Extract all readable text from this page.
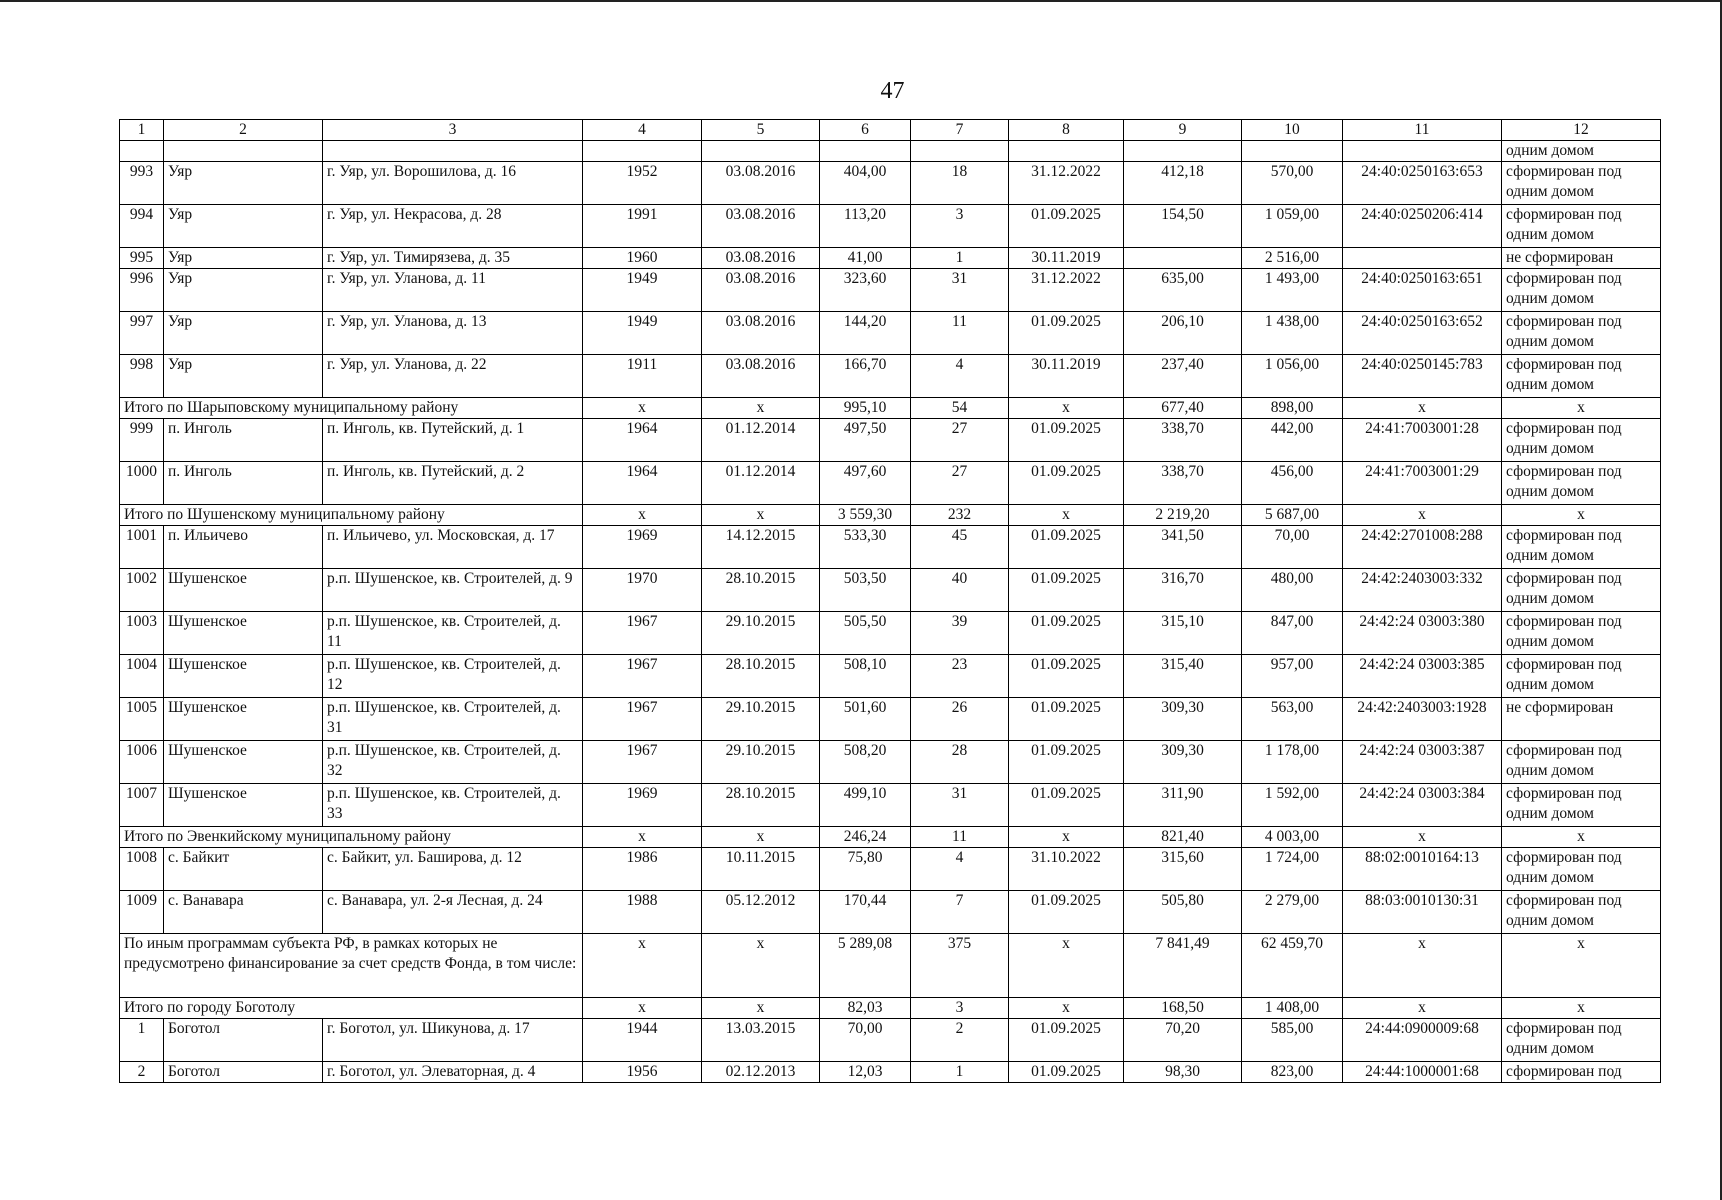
47
1	2	3	4	5	6	7	8	9	10	11	12
											одним домом
993	Уяр	г. Уяр, ул. Ворошилова, д. 16	1952	03.08.2016	404,00	18	31.12.2022	412,18	570,00	24:40:0250163:653	сформирован под одним домом
994	Уяр	г. Уяр, ул. Некрасова, д. 28	1991	03.08.2016	113,20	3	01.09.2025	154,50	1 059,00	24:40:0250206:414	сформирован под одним домом
995	Уяр	г. Уяр, ул. Тимирязева, д. 35	1960	03.08.2016	41,00	1	30.11.2019		2 516,00		не сформирован
996	Уяр	г. Уяр, ул. Уланова, д. 11	1949	03.08.2016	323,60	31	31.12.2022	635,00	1 493,00	24:40:0250163:651	сформирован под одним домом
997	Уяр	г. Уяр, ул. Уланова, д. 13	1949	03.08.2016	144,20	11	01.09.2025	206,10	1 438,00	24:40:0250163:652	сформирован под одним домом
998	Уяр	г. Уяр, ул. Уланова, д. 22	1911	03.08.2016	166,70	4	30.11.2019	237,40	1 056,00	24:40:0250145:783	сформирован под одним домом
Итого по Шарыповскому муниципальному району			х	х	995,10	54	х	677,40	898,00	х	х
999	п. Инголь	п. Инголь, кв. Путейский, д. 1	1964	01.12.2014	497,50	27	01.09.2025	338,70	442,00	24:41:7003001:28	сформирован под одним домом
1000	п. Инголь	п. Инголь, кв. Путейский, д. 2	1964	01.12.2014	497,60	27	01.09.2025	338,70	456,00	24:41:7003001:29	сформирован под одним домом
Итого по Шушенскому муниципальному району			х	х	3 559,30	232	х	2 219,20	5 687,00	х	х
1001	п. Ильичево	п. Ильичево, ул. Московская, д. 17	1969	14.12.2015	533,30	45	01.09.2025	341,50	70,00	24:42:2701008:288	сформирован под одним домом
1002	Шушенское	р.п. Шушенское, кв. Строителей, д. 9	1970	28.10.2015	503,50	40	01.09.2025	316,70	480,00	24:42:2403003:332	сформирован под одним домом
1003	Шушенское	р.п. Шушенское, кв. Строителей, д. 11	1967	29.10.2015	505,50	39	01.09.2025	315,10	847,00	24:42:24 03003:380	сформирован под одним домом
1004	Шушенское	р.п. Шушенское, кв. Строителей, д. 12	1967	28.10.2015	508,10	23	01.09.2025	315,40	957,00	24:42:24 03003:385	сформирован под одним домом
1005	Шушенское	р.п. Шушенское, кв. Строителей, д. 31	1967	29.10.2015	501,60	26	01.09.2025	309,30	563,00	24:42:2403003:1928	не сформирован
1006	Шушенское	р.п. Шушенское, кв. Строителей, д. 32	1967	29.10.2015	508,20	28	01.09.2025	309,30	1 178,00	24:42:24 03003:387	сформирован под одним домом
1007	Шушенское	р.п. Шушенское, кв. Строителей, д. 33	1969	28.10.2015	499,10	31	01.09.2025	311,90	1 592,00	24:42:24 03003:384	сформирован под одним домом
Итого по Эвенкийскому муниципальному району			х	х	246,24	11	х	821,40	4 003,00	х	х
1008	с. Байкит	с. Байкит, ул. Баширова, д. 12	1986	10.11.2015	75,80	4	31.10.2022	315,60	1 724,00	88:02:0010164:13	сформирован под одним домом
1009	с. Ванавара	с. Ванавара, ул. 2-я Лесная, д. 24	1988	05.12.2012	170,44	7	01.09.2025	505,80	2 279,00	88:03:0010130:31	сформирован под одним домом
По иным программам субъекта РФ, в рамках которых не предусмотрено финансирование за счет средств Фонда, в том числе:			х	х	5 289,08	375	х	7 841,49	62 459,70	х	х
Итого по городу Боготолу			х	х	82,03	3	х	168,50	1 408,00	х	х
1	Боготол	г. Боготол, ул. Шикунова, д. 17	1944	13.03.2015	70,00	2	01.09.2025	70,20	585,00	24:44:0900009:68	сформирован под одним домом
2	Боготол	г. Боготол, ул. Элеваторная, д. 4	1956	02.12.2013	12,03	1	01.09.2025	98,30	823,00	24:44:1000001:68	сформирован под
